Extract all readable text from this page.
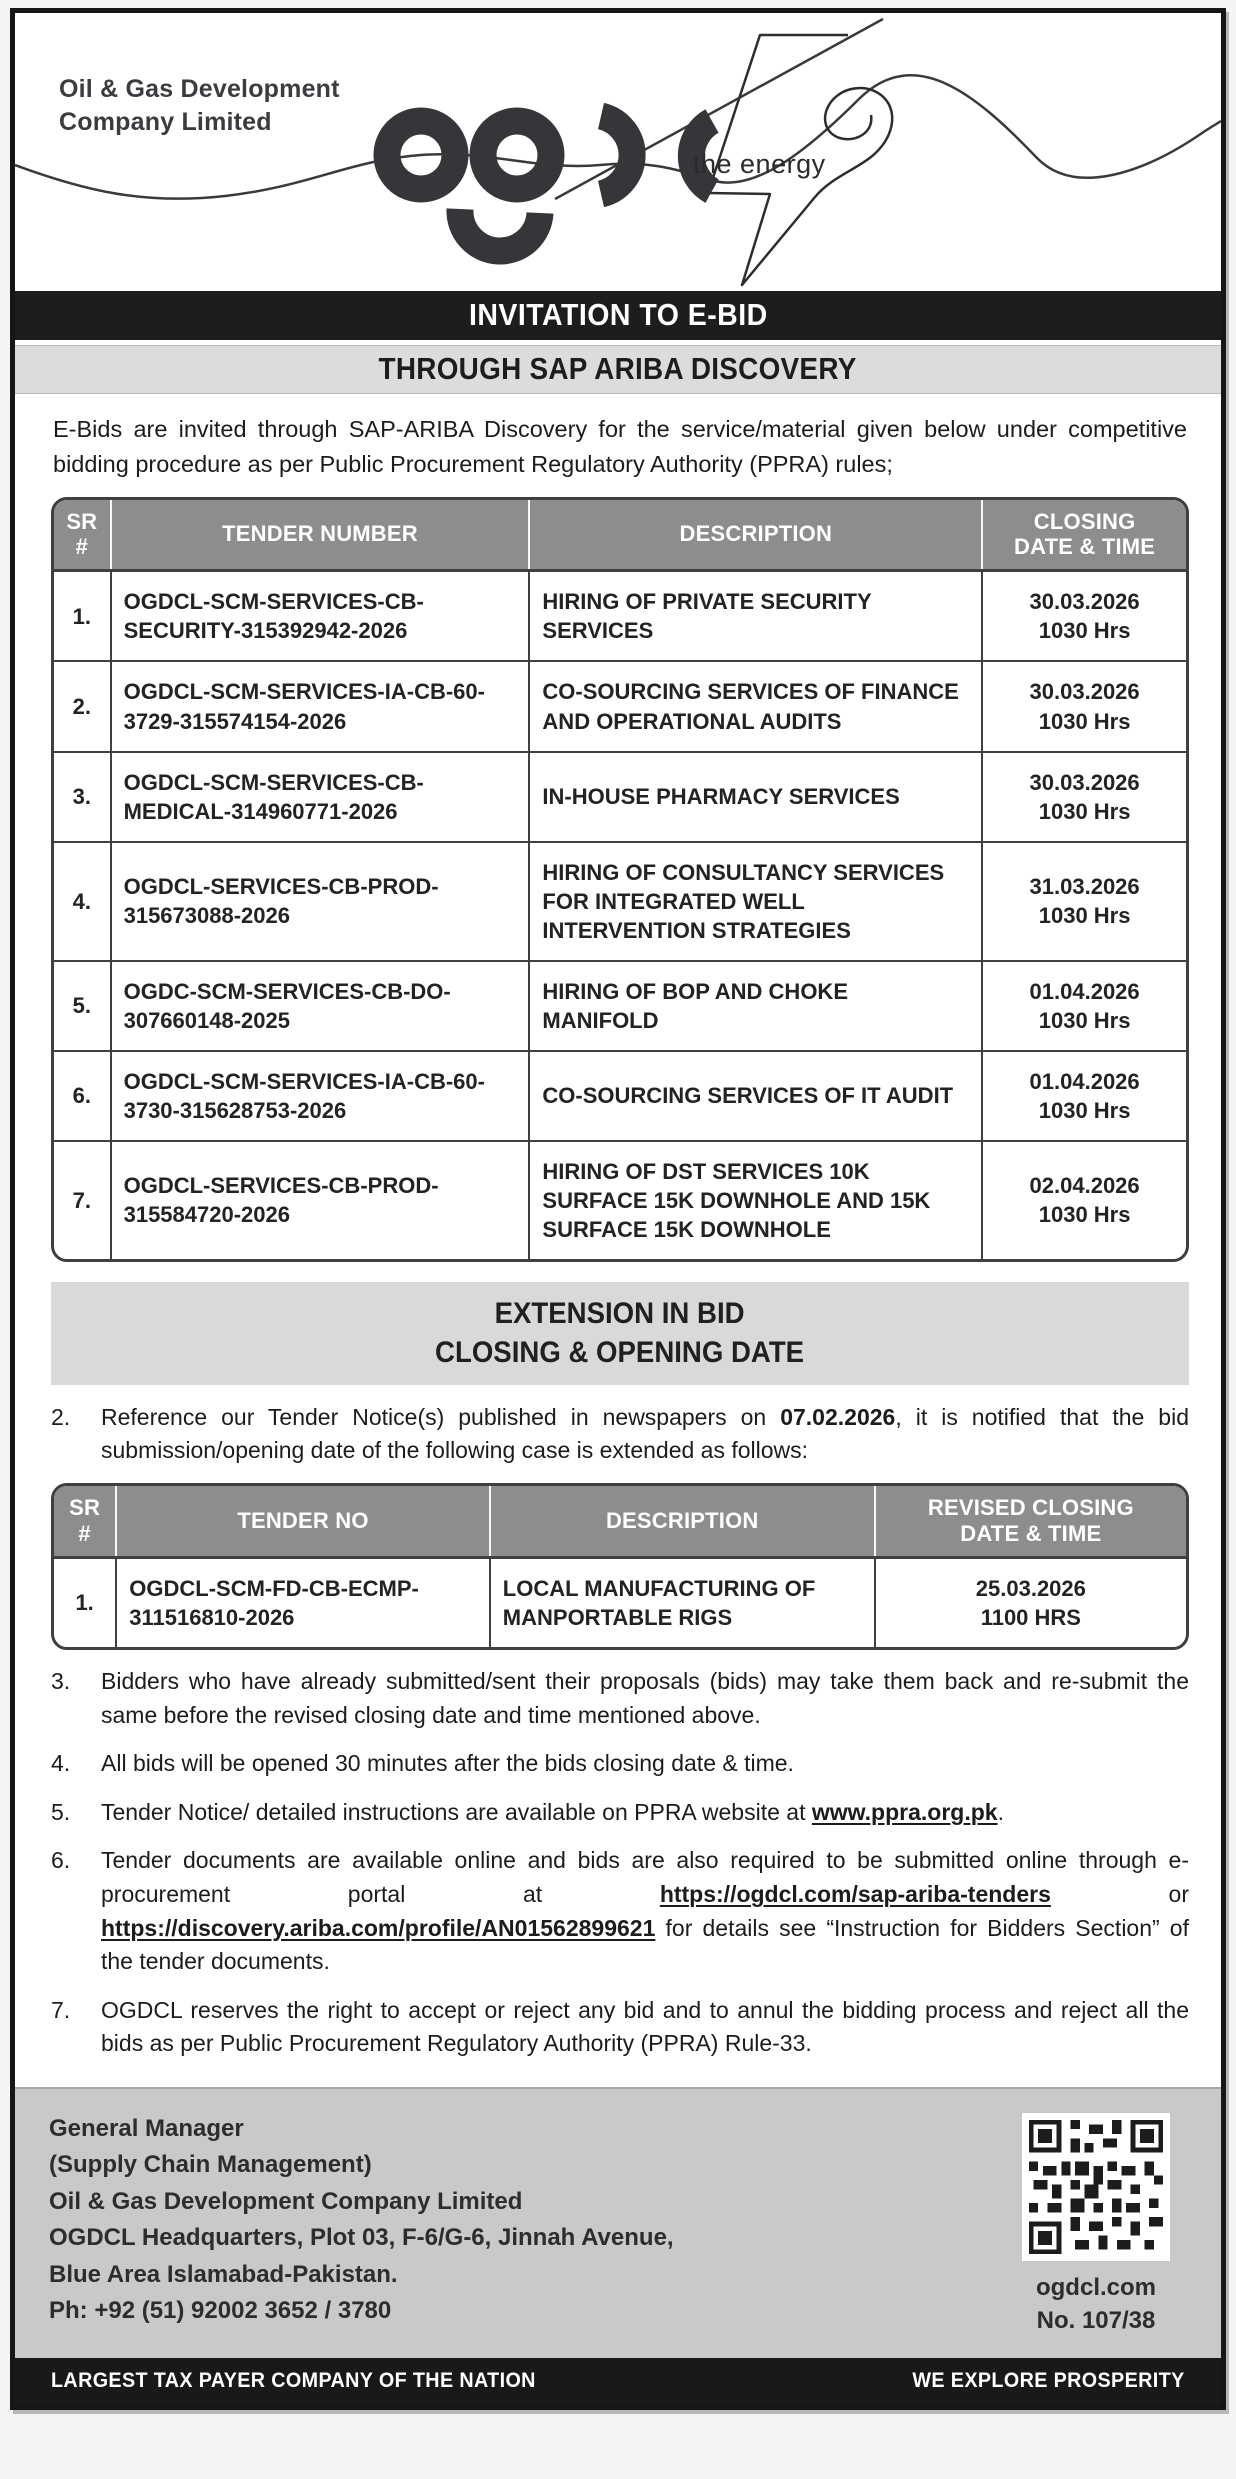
Oil & Gas Development
Company Limited
the energy
INVITATION TO E-BID
THROUGH SAP ARIBA DISCOVERY

E-Bids are invited through SAP-ARIBA Discovery for the service/material given below under competitive bidding procedure as per Public Procurement Regulatory Authority (PPRA) rules;

SR
#
	TENDER NUMBER	DESCRIPTION	
CLOSING
DATE & TIME

1.	OGDCL-SCM-SERVICES-CB-SECURITY-315392942-2026	HIRING OF PRIVATE SECURITY SERVICES	30.03.2026
1030 Hrs

2.	OGDCL-SCM-SERVICES-IA-CB-60-3729-315574154-2026	CO-SOURCING SERVICES OF FINANCE AND OPERATIONAL AUDITS	30.03.2026
1030 Hrs

3.	OGDCL-SCM-SERVICES-CB-MEDICAL-314960771-2026	IN-HOUSE PHARMACY SERVICES	30.03.2026
1030 Hrs

4.	OGDCL-SERVICES-CB-PROD-315673088-2026	HIRING OF CONSULTANCY SERVICES FOR INTEGRATED WELL INTERVENTION STRATEGIES	31.03.2026
1030 Hrs

5.	OGDC-SCM-SERVICES-CB-DO-307660148-2025	HIRING OF BOP AND CHOKE MANIFOLD	01.04.2026
1030 Hrs

6.	OGDCL-SCM-SERVICES-IA-CB-60-3730-315628753-2026	CO-SOURCING SERVICES OF IT AUDIT	01.04.2026
1030 Hrs

7.	OGDCL-SERVICES-CB-PROD-315584720-2026	HIRING OF DST SERVICES 10K SURFACE 15K DOWNHOLE AND 15K SURFACE 15K DOWNHOLE	02.04.2026
1030 Hrs
EXTENSION IN BID
CLOSING & OPENING DATE
2.	Reference our Tender Notice(s) published in newspapers on 07.02.2026, it is notified that the bid submission/opening date of the following case is extended as follows:
SR
#
	TENDER NO	DESCRIPTION	
REVISED CLOSING
DATE & TIME

1.	OGDCL-SCM-FD-CB-ECMP-311516810-2026	LOCAL MANUFACTURING OF MANPORTABLE RIGS	25.03.2026
1100 HRS
3.	Bidders who have already submitted/sent their proposals (bids) may take them back and re-submit the same before the revised closing date and time mentioned above.
4.	All bids will be opened 30 minutes after the bids closing date & time.
5.	Tender Notice/ detailed instructions are available on PPRA website at www.ppra.org.pk.
6.	Tender documents are available online and bids are also required to be submitted online through e-procurement portal at https://ogdcl.com/sap-ariba-tenders or https://discovery.ariba.com/profile/AN01562899621 for details see “Instruction for Bidders Section” of the tender documents.
7.	OGDCL reserves the right to accept or reject any bid and to annul the bidding process and reject all the bids as per Public Procurement Regulatory Authority (PPRA) Rule-33.
General Manager
(Supply Chain Management)
Oil & Gas Development Company Limited
OGDCL Headquarters, Plot 03, F-6/G-6, Jinnah Avenue,
Blue Area Islamabad-Pakistan.
Ph: +92 (51) 92002 3652 / 3780
ogdcl.com
No. 107/38
LARGEST TAX PAYER COMPANY OF THE NATION	WE EXPLORE PROSPERITY
